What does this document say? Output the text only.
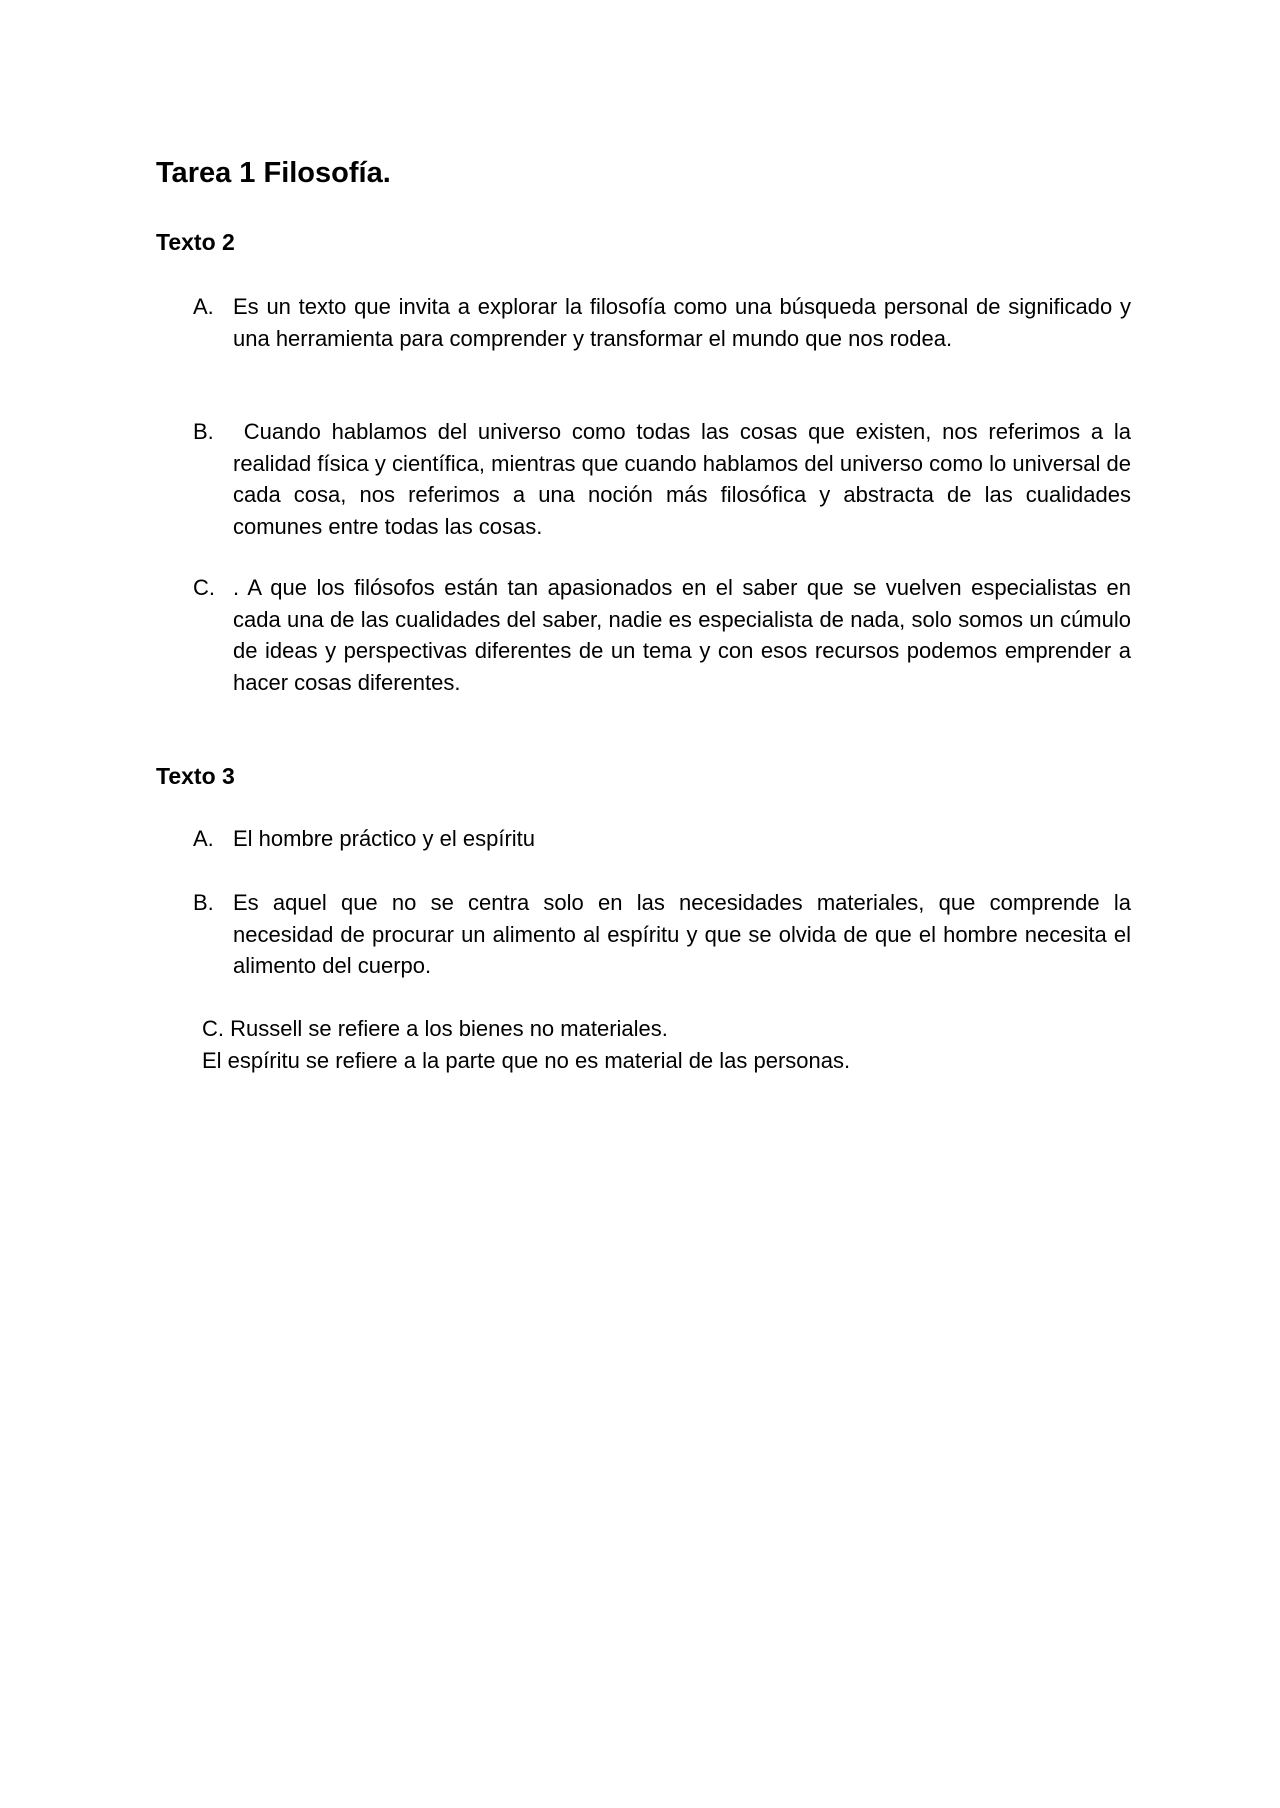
Tarea 1 Filosofía.
Texto 2
A. Es un texto que invita a explorar la filosofía como una búsqueda personal de significado y una herramienta para comprender y transformar el mundo que nos rodea.
B. Cuando hablamos del universo como todas las cosas que existen, nos referimos a la realidad física y científica, mientras que cuando hablamos del universo como lo universal de cada cosa, nos referimos a una noción más filosófica y abstracta de las cualidades comunes entre todas las cosas.
C. . A que los filósofos están tan apasionados en el saber que se vuelven especialistas en cada una de las cualidades del saber, nadie es especialista de nada, solo somos un cúmulo de ideas y perspectivas diferentes de un tema y con esos recursos podemos emprender a hacer cosas diferentes.
Texto 3
A. El hombre práctico y el espíritu
B. Es aquel que no se centra solo en las necesidades materiales, que comprende la necesidad de procurar un alimento al espíritu y que se olvida de que el hombre necesita el alimento del cuerpo.
C. Russell se refiere a los bienes no materiales.
El espíritu se refiere a la parte que no es material de las personas.
